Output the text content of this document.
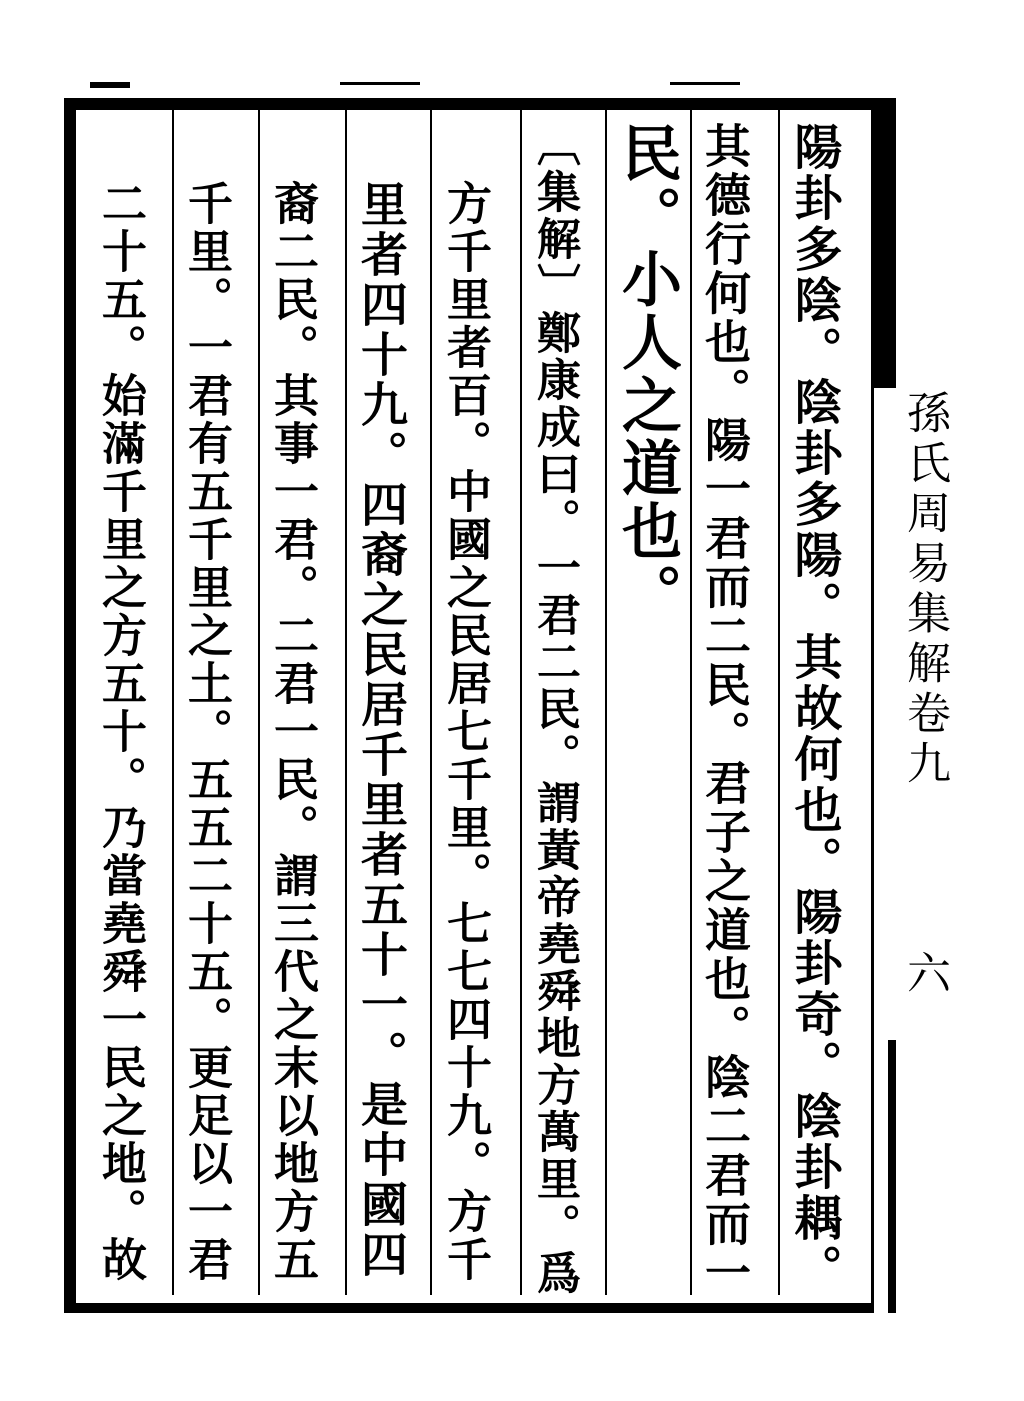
孫氏周易集解卷九
六
陽卦多陰。陰卦多陽。其故何也。陽卦奇。陰卦耦。
其德行何也。陽一君而二民。君子之道也。陰二君而一
民。小人之道也。
〔集解〕鄭康成曰。一君二民。謂黃帝堯舜地方萬里。爲
方千里者百。中國之民居七千里。七七四十九。方千
里者四十九。四裔之民居千里者五十一。是中國四
裔二民。其事一君。二君一民。謂三代之末以地方五
千里。一君有五千里之土。五五二十五。更足以一君
二十五。始滿千里之方五十。乃當堯舜一民之地。故
